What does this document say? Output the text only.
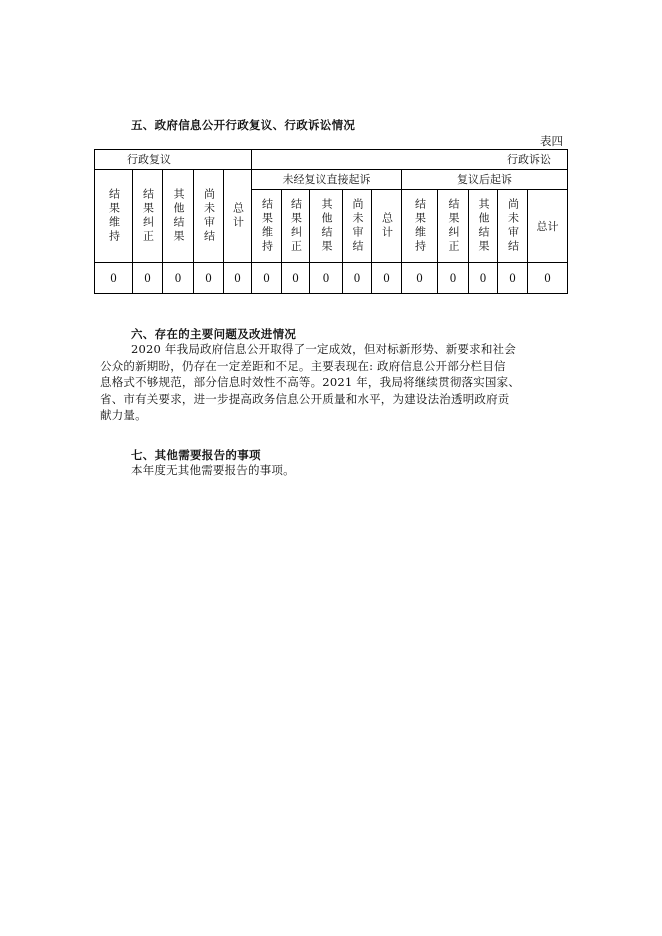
五、政府信息公开行政复议、行政诉讼情况
表四
行政复议					行政诉讼									

结果维持	结果纠正	其他结果	尚未审结	总计	未经复议直接起诉					复议后起诉				

					结果维持	结果纠正	其他结果	尚未审结	总计	结果维持	结果纠正	其他结果	尚未审结	总计
0	0	0	0	0	0	0	0	0	0	0	0	0	0	0
六、存在的主要问题及改进情况
2020 年我局政府信息公开取得了一定成效，但对标新形势、新要求和社会
公众的新期盼，仍存在一定差距和不足。主要表现在: 政府信息公开部分栏目信
息格式不够规范，部分信息时效性不高等。2021 年，我局将继续贯彻落实国家、
省、市有关要求，进一步提高政务信息公开质量和水平，为建设法治透明政府贡
献力量。
七、其他需要报告的事项
本年度无其他需要报告的事项。
